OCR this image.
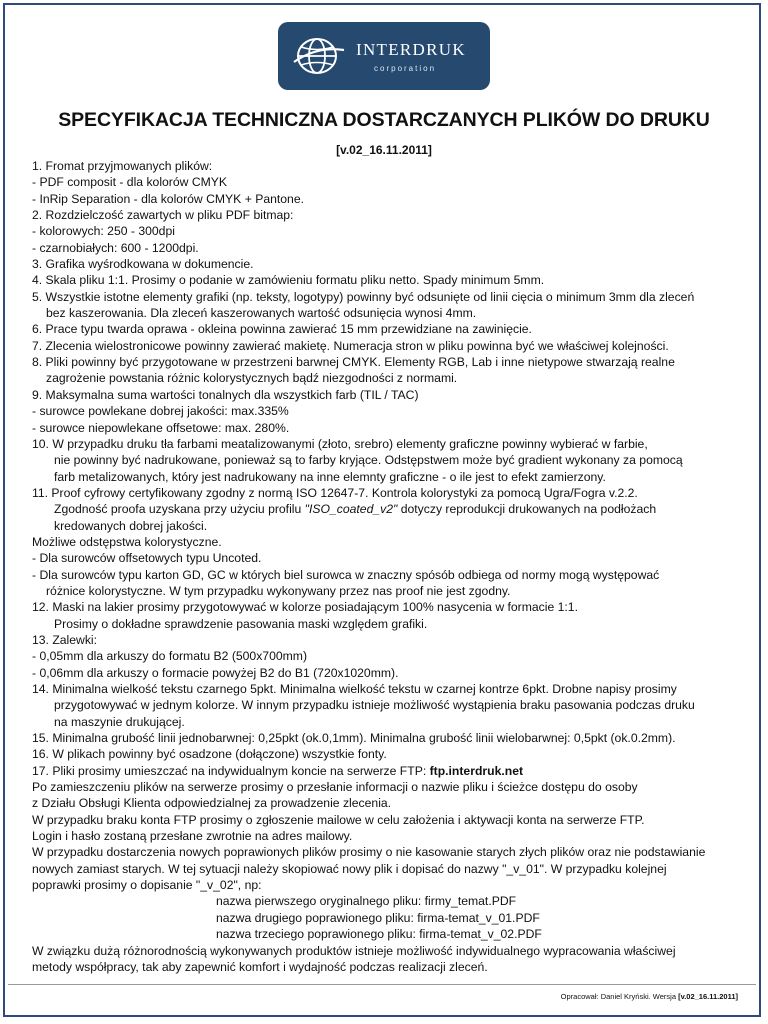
INTERDRUK
corporation
SPECYFIKACJA TECHNICZNA DOSTARCZANYCH PLIKÓW DO DRUKU
[v.02_16.11.2011]
1. Fromat przyjmowanych plików:
- PDF composit - dla kolorów CMYK
- InRip Separation - dla kolorów CMYK + Pantone.
2. Rozdzielczość zawartych w pliku PDF bitmap:
- kolorowych: 250 - 300dpi
- czarnobiałych: 600 - 1200dpi.
3. Grafika wyśrodkowana w dokumencie.
4. Skala pliku 1:1. Prosimy o podanie w zamówieniu formatu pliku netto. Spady minimum 5mm.
5. Wszystkie istotne elementy grafiki (np. teksty, logotypy) powinny być odsunięte od linii cięcia o minimum 3mm dla zleceń
bez kaszerowania. Dla zleceń kaszerowanych wartość odsunięcia wynosi 4mm.
6. Prace typu twarda oprawa - okleina powinna zawierać 15 mm przewidziane na zawinięcie.
7. Zlecenia wielostronicowe powinny zawierać makietę. Numeracja stron w pliku powinna być we właściwej kolejności.
8. Pliki powinny być przygotowane w przestrzeni barwnej CMYK. Elementy RGB, Lab i inne nietypowe stwarzają realne
zagrożenie powstania różnic kolorystycznych bądź niezgodności z normami.
9. Maksymalna suma wartości tonalnych dla wszystkich farb (TIL / TAC)
- surowce powlekane dobrej jakości: max.335%
- surowce niepowlekane offsetowe: max. 280%.
10. W przypadku druku tła farbami meatalizowanymi (złoto, srebro) elementy graficzne powinny wybierać w farbie,
nie powinny być nadrukowane, ponieważ są to farby kryjące. Odstępstwem może być gradient wykonany za pomocą
farb metalizowanych, który jest nadrukowany na inne elemnty graficzne - o ile jest to efekt zamierzony.
11. Proof cyfrowy certyfikowany zgodny z normą ISO 12647-7. Kontrola kolorystyki za pomocą Ugra/Fogra v.2.2.
Zgodność proofa uzyskana przy użyciu profilu "ISO_coated_v2" dotyczy reprodukcji drukowanych na podłożach
kredowanych dobrej jakości.
Możliwe odstępstwa kolorystyczne.
- Dla surowców offsetowych typu Uncoted.
- Dla surowców typu karton GD, GC w których biel surowca w znaczny spósób odbiega od normy mogą występować
różnice kolorystyczne. W tym przypadku wykonywany przez nas proof nie jest zgodny.
12. Maski na lakier prosimy przygotowywać w kolorze posiadającym 100% nasycenia w formacie 1:1.
Prosimy o dokładne sprawdzenie pasowania maski względem grafiki.
13. Zalewki:
- 0,05mm dla arkuszy do formatu B2 (500x700mm)
- 0,06mm dla arkuszy o formacie powyżej B2 do B1 (720x1020mm).
14. Minimalna wielkość tekstu czarnego 5pkt. Minimalna wielkość tekstu w czarnej kontrze 6pkt. Drobne napisy prosimy
przygotowywać w jednym kolorze. W innym przypadku istnieje możliwość wystąpienia braku pasowania podczas druku
na maszynie drukującej.
15. Minimalna grubość linii jednobarwnej: 0,25pkt (ok.0,1mm). Minimalna grubość linii wielobarwnej: 0,5pkt (ok.0.2mm).
16. W plikach powinny być osadzone (dołączone) wszystkie fonty.
17. Pliki prosimy umieszczać na indywidualnym koncie na serwerze FTP: ftp.interdruk.net
Po zamieszczeniu plików na serwerze prosimy o przesłanie informacji o nazwie pliku i ścieżce dostępu do osoby
z Działu Obsługi Klienta odpowiedzialnej za prowadzenie zlecenia.
W przypadku braku konta FTP prosimy o zgłoszenie mailowe w celu założenia i aktywacji konta na serwerze FTP.
Login i hasło zostaną przesłane zwrotnie na adres mailowy.
W przypadku dostarczenia nowych poprawionych plików prosimy o nie kasowanie starych złych plików oraz nie podstawianie
nowych zamiast starych. W tej sytuacji należy skopiować nowy plik i dopisać do nazwy "_v_01". W przypadku kolejnej
poprawki prosimy o dopisanie "_v_02", np:
nazwa pierwszego oryginalnego pliku: firmy_temat.PDF
nazwa drugiego poprawionego pliku: firma-temat_v_01.PDF
nazwa trzeciego poprawionego pliku: firma-temat_v_02.PDF
W związku dużą różnorodnością wykonywanych produktów istnieje możliwość indywidualnego wypracowania właściwej
metody współpracy, tak aby zapewnić komfort i wydajność podczas realizacji zleceń.
Opracował: Daniel Kryński. Wersja [v.02_16.11.2011]
